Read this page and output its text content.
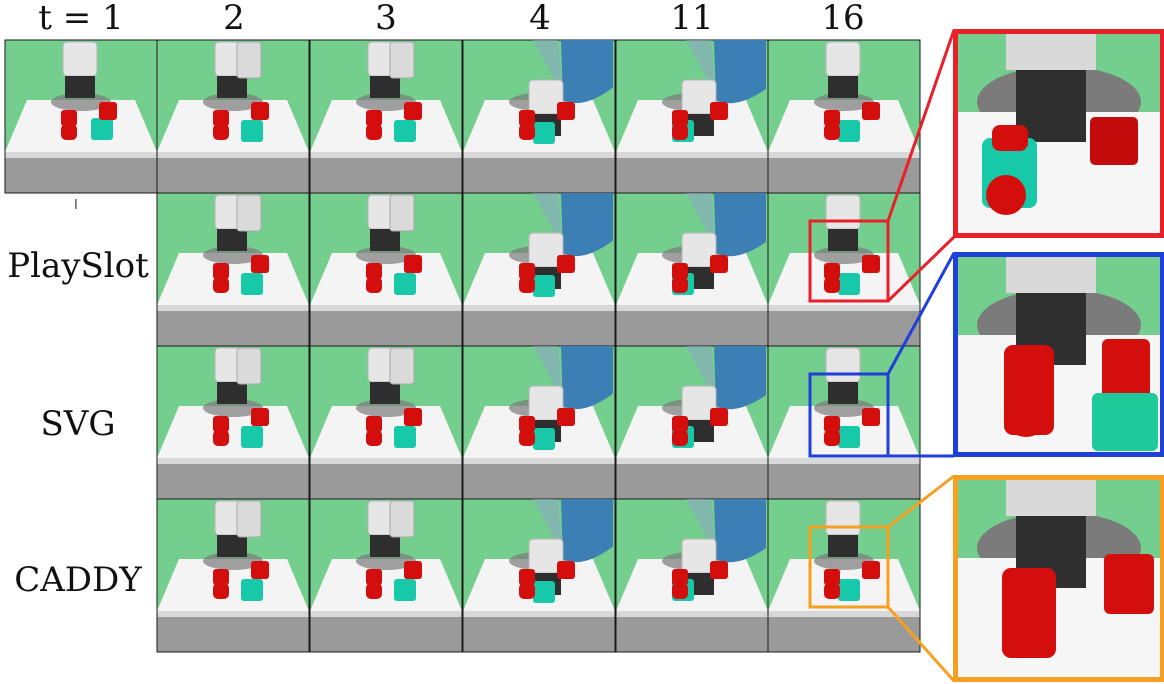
t = 1	2	3	4	11	16
PlaySlot
SVG
CADDY
I
